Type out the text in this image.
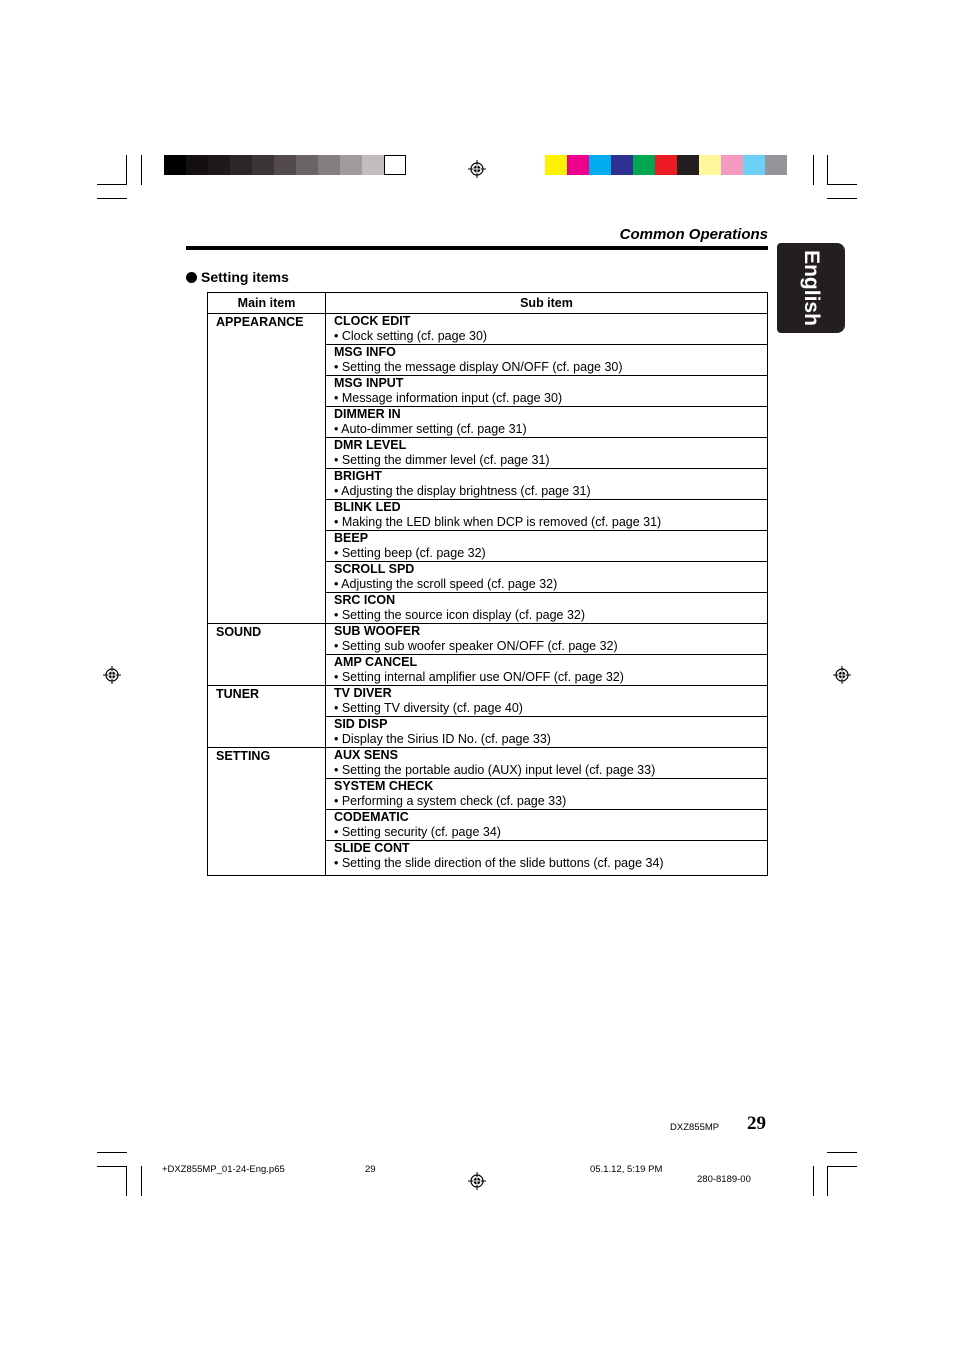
Common Operations
English
Setting items
Main item	Sub item
APPEARANCE	CLOCK EDIT
• Clock setting (cf. page 30)

	MSG INFO
• Setting the message display ON/OFF (cf. page 30)

	MSG INPUT
• Message information input (cf. page 30)

	DIMMER IN
• Auto-dimmer setting (cf. page 31)

	DMR LEVEL
• Setting the dimmer level (cf. page 31)

	BRIGHT
• Adjusting the display brightness (cf. page 31)

	BLINK LED
• Making the LED blink when DCP is removed (cf. page 31)

	BEEP
• Setting beep (cf. page 32)

	SCROLL SPD
• Adjusting the scroll speed (cf. page 32)

	SRC ICON
• Setting the source icon display (cf. page 32)

SOUND	SUB WOOFER
• Setting sub woofer speaker ON/OFF (cf. page 32)

	AMP CANCEL
• Setting internal amplifier use ON/OFF (cf. page 32)

TUNER	TV DIVER
• Setting TV diversity (cf. page 40)

	SID DISP
• Display the Sirius ID No. (cf. page 33)

SETTING	AUX SENS
• Setting the portable audio (AUX) input level (cf. page 33)

	SYSTEM CHECK
• Performing a system check (cf. page 33)

	CODEMATIC
• Setting security (cf. page 34)

	SLIDE CONT
• Setting the slide direction of the slide buttons (cf. page 34)
DXZ855MP 29
+DXZ855MP_01-24-Eng.p65	29	05.1.12, 5:19 PM
280-8189-00
